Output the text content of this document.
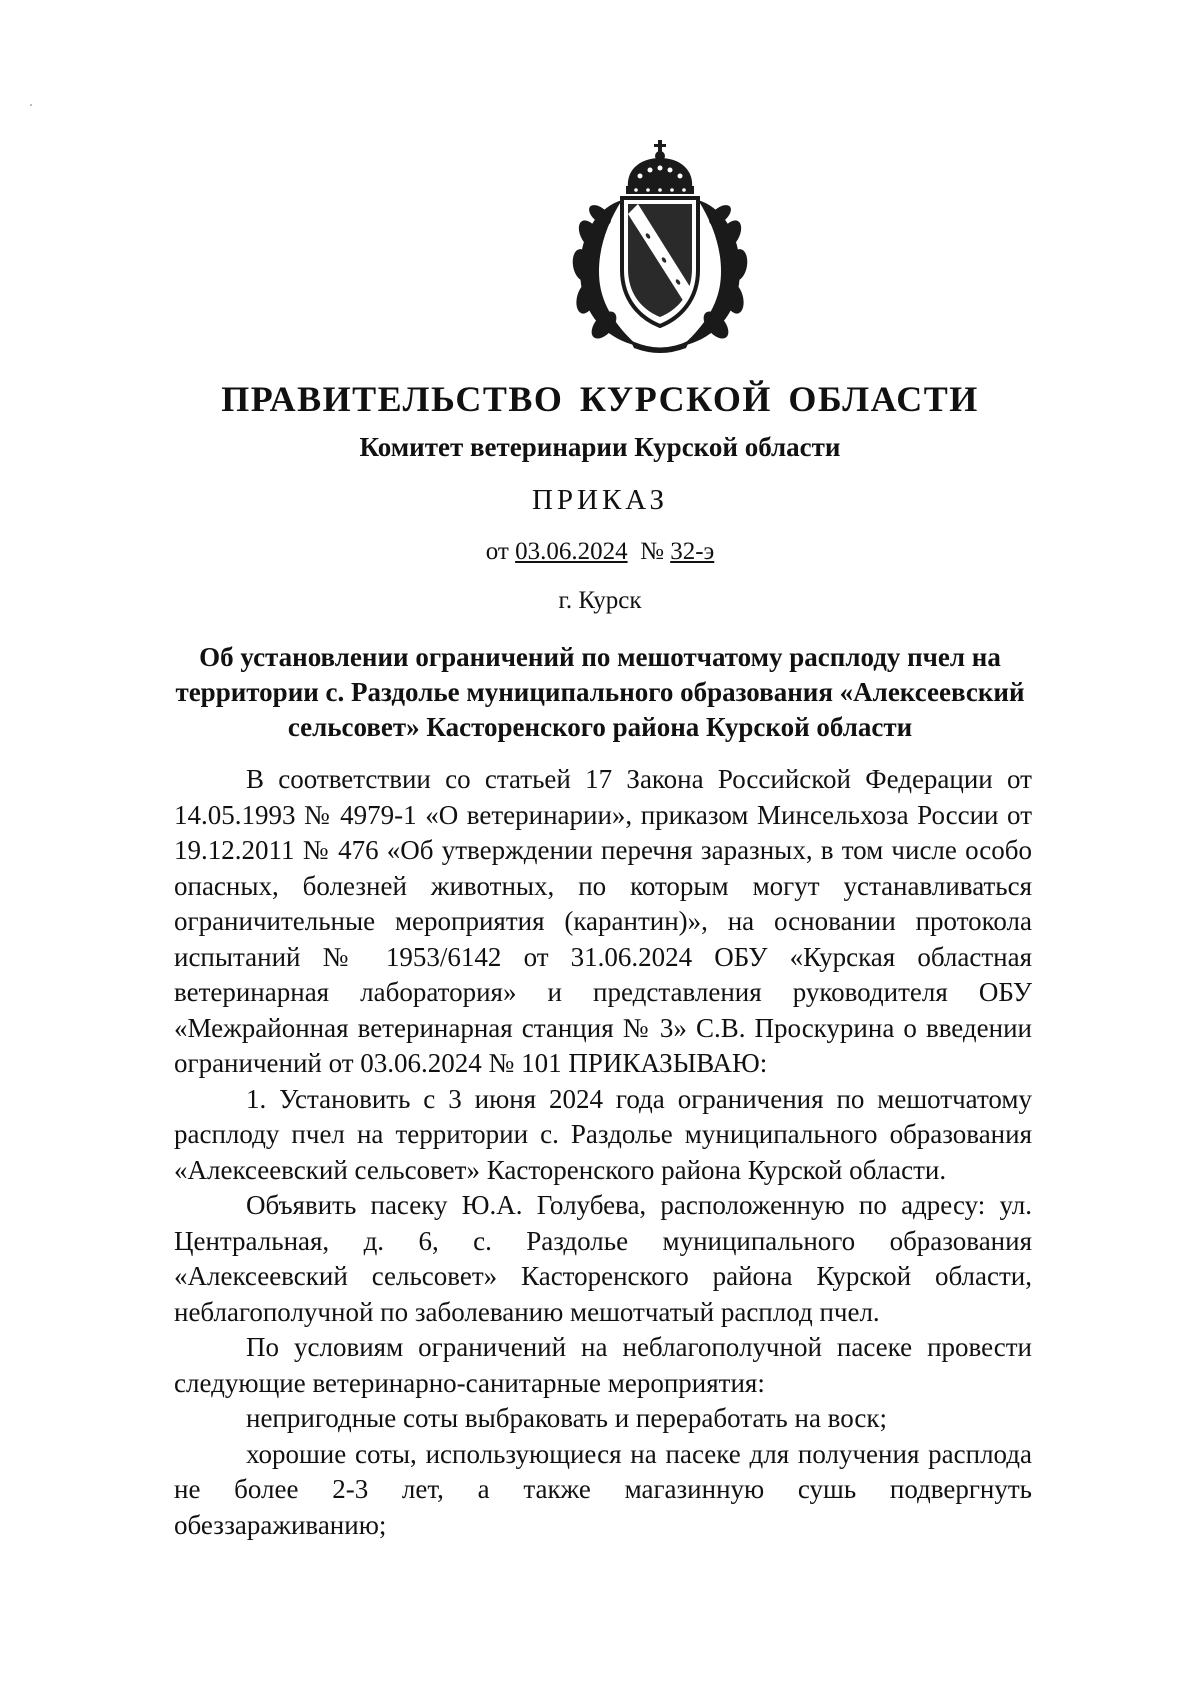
ПРАВИТЕЛЬСТВО КУРСКОЙ ОБЛАСТИ
Комитет ветеринарии Курской области
ПРИКАЗ
от 03.06.2024 № 32-э
г. Курск
Об установлении ограничений по мешотчатому расплоду пчел на территории с. Раздолье муниципального образования «Алексеевский сельсовет» Касторенского района Курской области

В соответствии со статьей 17 Закона Российской Федерации от 14.05.1993 № 4979-1 «О ветеринарии», приказом Минсельхоза России от 19.12.2011 № 476 «Об утверждении перечня заразных, в том числе особо опасных, болезней животных, по которым могут устанавливаться ограничительные мероприятия (карантин)», на основании протокола испытаний № 1953/6142 от 31.06.2024 ОБУ «Курская областная ветеринарная лаборатория» и представления руководителя ОБУ «Межрайонная ветеринарная станция № 3» С.В. Проскурина о введении ограничений от 03.06.2024 № 101 ПРИКАЗЫВАЮ:

1. Установить с 3 июня 2024 года ограничения по мешотчатому расплоду пчел на территории с. Раздолье муниципального образования «Алексеевский сельсовет» Касторенского района Курской области.

Объявить пасеку Ю.А. Голубева, расположенную по адресу: ул. Центральная, д. 6, с. Раздолье муниципального образования «Алексеевский сельсовет» Касторенского района Курской области, неблагополучной по заболеванию мешотчатый расплод пчел.

По условиям ограничений на неблагополучной пасеке провести следующие ветеринарно-санитарные мероприятия:

непригодные соты выбраковать и переработать на воск;

хорошие соты, использующиеся на пасеке для получения расплода не более 2-3 лет, а также магазинную сушь подвергнуть обеззараживанию;
